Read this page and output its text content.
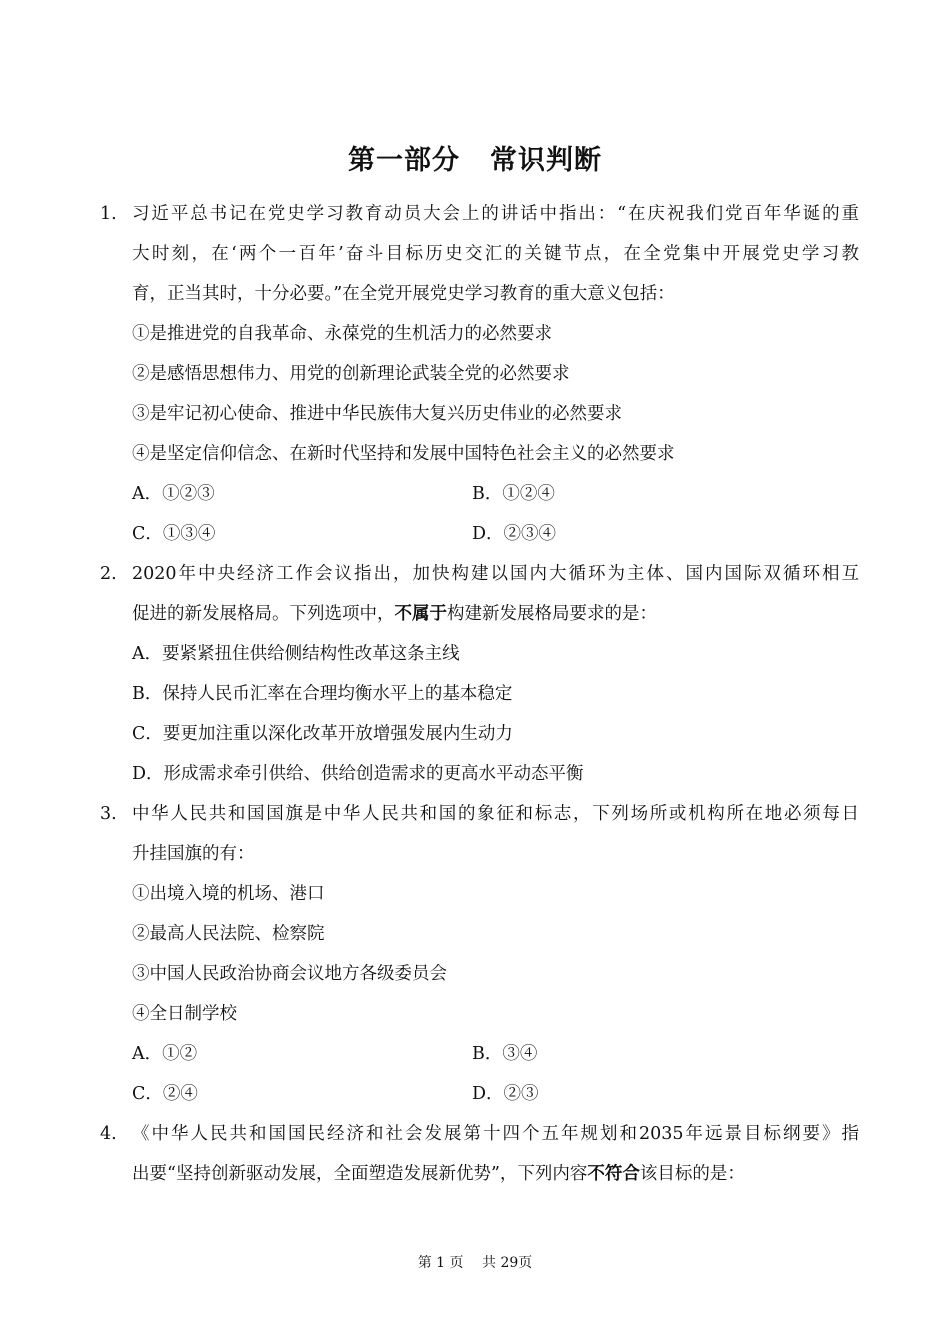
第一部分 常识判断
1. 习近平总书记在党史学习教育动员大会上的讲话中指出：“在庆祝我们党百年华诞的重
大时刻，在‘两个一百年’奋斗目标历史交汇的关键节点，在全党集中开展党史学习教
育，正当其时，十分必要。”在全党开展党史学习教育的重大意义包括：
①是推进党的自我革命、永葆党的生机活力的必然要求
②是感悟思想伟力、用党的创新理论武装全党的必然要求
③是牢记初心使命、推进中华民族伟大复兴历史伟业的必然要求
④是坚定信仰信念、在新时代坚持和发展中国特色社会主义的必然要求
A．①②③	B．①②④
C．①③④	D．②③④
2. 2020年中央经济工作会议指出，加快构建以国内大循环为主体、国内国际双循环相互
促进的新发展格局。下列选项中，不属于构建新发展格局要求的是：
A．要紧紧扭住供给侧结构性改革这条主线
B．保持人民币汇率在合理均衡水平上的基本稳定
C．要更加注重以深化改革开放增强发展内生动力
D．形成需求牵引供给、供给创造需求的更高水平动态平衡
3. 中华人民共和国国旗是中华人民共和国的象征和标志，下列场所或机构所在地必须每日
升挂国旗的有：
①出境入境的机场、港口
②最高人民法院、检察院
③中国人民政治协商会议地方各级委员会
④全日制学校
A．①②	B．③④
C．②④	D．②③
4. 《中华人民共和国国民经济和社会发展第十四个五年规划和2035年远景目标纲要》指
出要“坚持创新驱动发展，全面塑造发展新优势”，下列内容不符合该目标的是：
第 1 页　 共 29页
